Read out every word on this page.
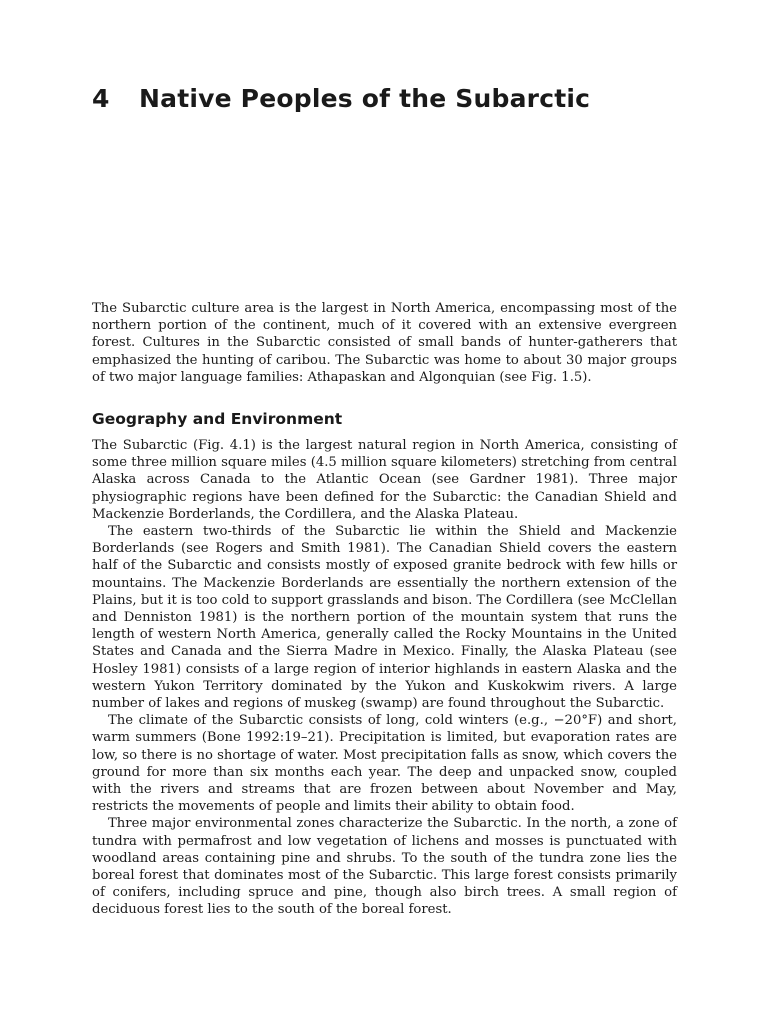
4 Native Peoples of the Subarctic

The Subarctic culture area is the largest in North America, encompassing most of the northern portion of the continent, much of it covered with an extensive evergreen forest. Cultures in the Subarctic consisted of small bands of hunter-gatherers that emphasized the hunting of caribou. The Subarctic was home to about 30 major groups of two major language families: Athapaskan and Algonquian (see Fig. 1.5).

Geography and Environment

The Subarctic (Fig. 4.1) is the largest natural region in North America, consisting of some three million square miles (4.5 million square kilometers) stretching from central Alaska across Canada to the Atlantic Ocean (see Gardner 1981). Three major physiographic regions have been defined for the Subarctic: the Canadian Shield and Mackenzie Borderlands, the Cordillera, and the Alaska Plateau.

The eastern two-thirds of the Subarctic lie within the Shield and Mackenzie Borderlands (see Rogers and Smith 1981). The Canadian Shield covers the eastern half of the Subarctic and consists mostly of exposed granite bedrock with few hills or mountains. The Mackenzie Borderlands are essentially the northern extension of the Plains, but it is too cold to support grasslands and bison. The Cordillera (see McClellan and Denniston 1981) is the northern portion of the mountain system that runs the length of western North America, generally called the Rocky Mountains in the United States and Canada and the Sierra Madre in Mexico. Finally, the Alaska Plateau (see Hosley 1981) consists of a large region of interior highlands in eastern Alaska and the western Yukon Territory dominated by the Yukon and Kuskokwim rivers. A large number of lakes and regions of muskeg (swamp) are found throughout the Subarctic.

The climate of the Subarctic consists of long, cold winters (e.g., −20°F) and short, warm summers (Bone 1992:19–21). Precipitation is limited, but evaporation rates are low, so there is no shortage of water. Most precipitation falls as snow, which covers the ground for more than six months each year. The deep and unpacked snow, coupled with the rivers and streams that are frozen between about November and May, restricts the movements of people and limits their ability to obtain food.

Three major environmental zones characterize the Subarctic. In the north, a zone of tundra with permafrost and low vegetation of lichens and mosses is punctuated with woodland areas containing pine and shrubs. To the south of the tundra zone lies the boreal forest that dominates most of the Subarctic. This large forest consists primarily of conifers, including spruce and pine, though also birch trees. A small region of deciduous forest lies to the south of the boreal forest.
